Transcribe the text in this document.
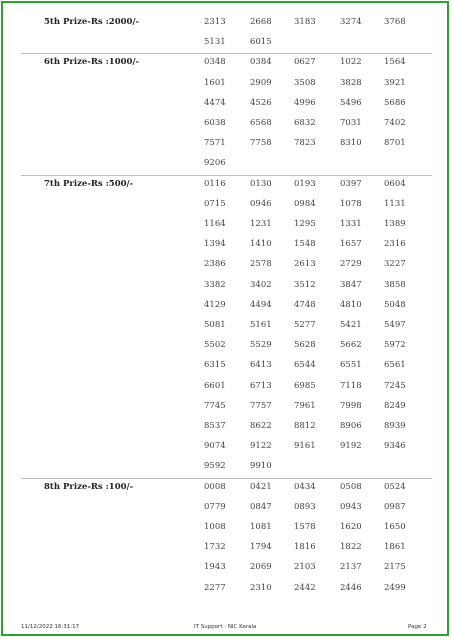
5th Prize-Rs :2000/-	2313	2668	3183	3274	3768
5131	6015
6th Prize-Rs :1000/-	0348	0384	0627	1022	1564
1601	2909	3508	3828	3921
4474	4526	4996	5496	5686
6038	6568	6832	7031	7402
7571	7758	7823	8310	8701
9206
7th Prize-Rs :500/-	0116	0130	0193	0397	0604
0715	0946	0984	1078	1131
1164	1231	1295	1331	1389
1394	1410	1548	1657	2316
2386	2578	2613	2729	3227
3382	3402	3512	3847	3858
4129	4494	4748	4810	5048
5081	5161	5277	5421	5497
5502	5529	5628	5662	5972
6315	6413	6544	6551	6561
6601	6713	6985	7118	7245
7745	7757	7961	7998	8249
8537	8622	8812	8906	8939
9074	9122	9161	9192	9346
9592	9910
8th Prize-Rs :100/-	0008	0421	0434	0508	0524
0779	0847	0893	0943	0987
1008	1081	1578	1620	1650
1732	1794	1816	1822	1861
1943	2069	2103	2137	2175
2277	2310	2442	2446	2499
11/12/2022 16:31:17	IT Support : NIC Kerala	Page 2
